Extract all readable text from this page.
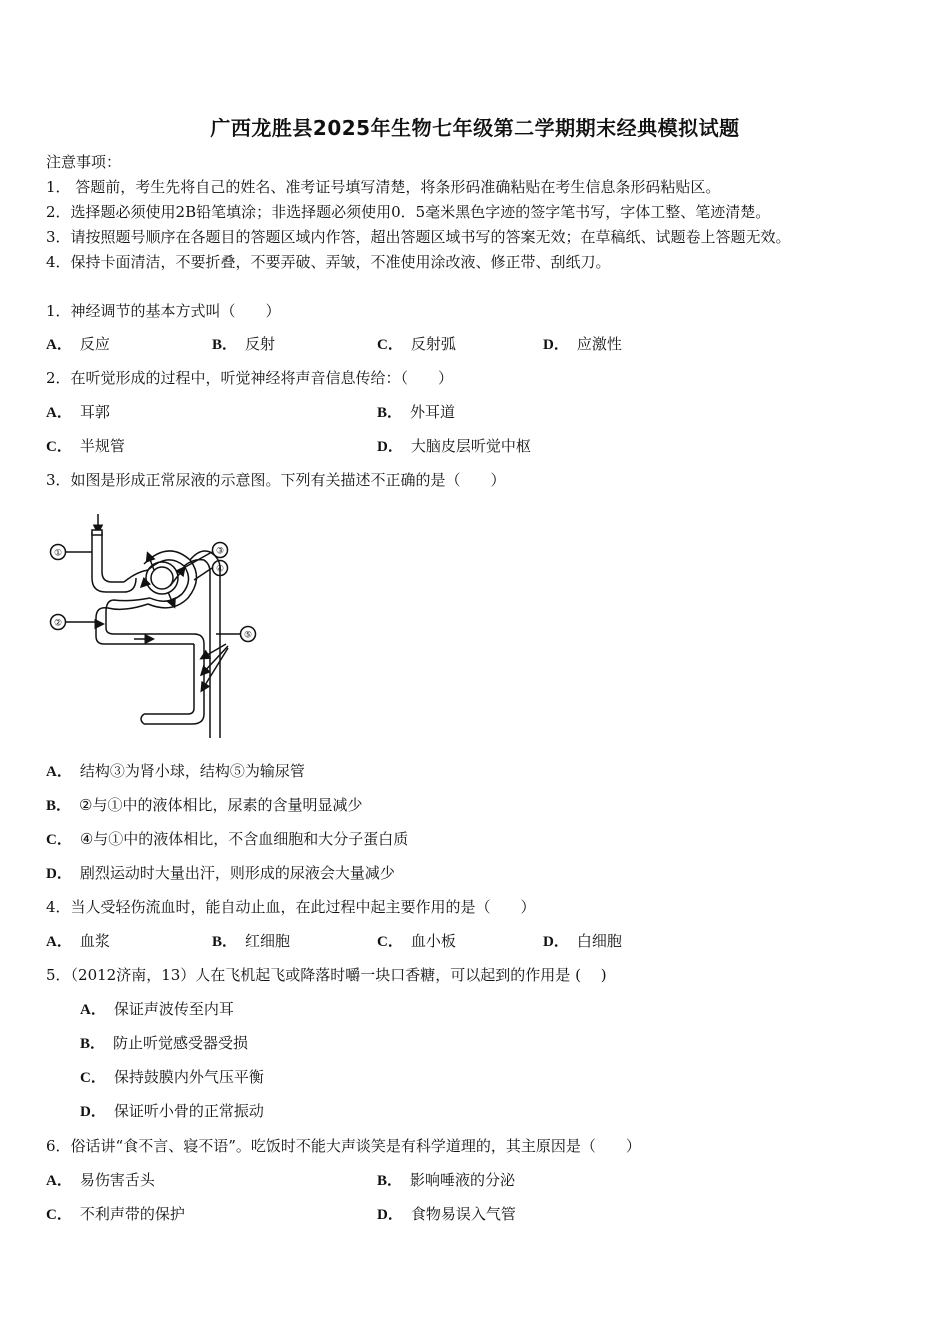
广西龙胜县2025年生物七年级第二学期期末经典模拟试题
注意事项：
1． 答题前，考生先将自己的姓名、准考证号填写清楚，将条形码准确粘贴在考生信息条形码粘贴区。
2．选择题必须使用2B铅笔填涂；非选择题必须使用0．5毫米黑色字迹的签字笔书写，字体工整、笔迹清楚。
3．请按照题号顺序在各题目的答题区域内作答，超出答题区域书写的答案无效；在草稿纸、试题卷上答题无效。
4．保持卡面清洁，不要折叠，不要弄破、弄皱，不准使用涂改液、修正带、刮纸刀。
1．神经调节的基本方式叫（　　）
A． 反应	B． 反射	C． 反射弧	D． 应激性
2．在听觉形成的过程中，听觉神经将声音信息传给：（　　）
A． 耳郭	B． 外耳道
C． 半规管	D． 大脑皮层听觉中枢
3．如图是形成正常尿液的示意图。下列有关描述不正确的是（　　）
①
②
③
④
⑤
A． 结构③为肾小球，结构⑤为输尿管
B． ②与①中的液体相比，尿素的含量明显减少
C． ④与①中的液体相比，不含血细胞和大分子蛋白质
D． 剧烈运动时大量出汗，则形成的尿液会大量减少
4．当人受轻伤流血时，能自动止血，在此过程中起主要作用的是（　　）
A． 血浆	B． 红细胞	C． 血小板	D． 白细胞
5．（2012济南，13）人在飞机起飞或降落时嚼一块口香糖，可以起到的作用是 (　 )
A． 保证声波传至内耳
B． 防止听觉感受器受损
C． 保持鼓膜内外气压平衡
D． 保证听小骨的正常振动
6．俗话讲“食不言、寝不语”。吃饭时不能大声谈笑是有科学道理的，其主原因是（　　）
A． 易伤害舌头	B． 影响唾液的分泌
C． 不利声带的保护	D． 食物易误入气管
